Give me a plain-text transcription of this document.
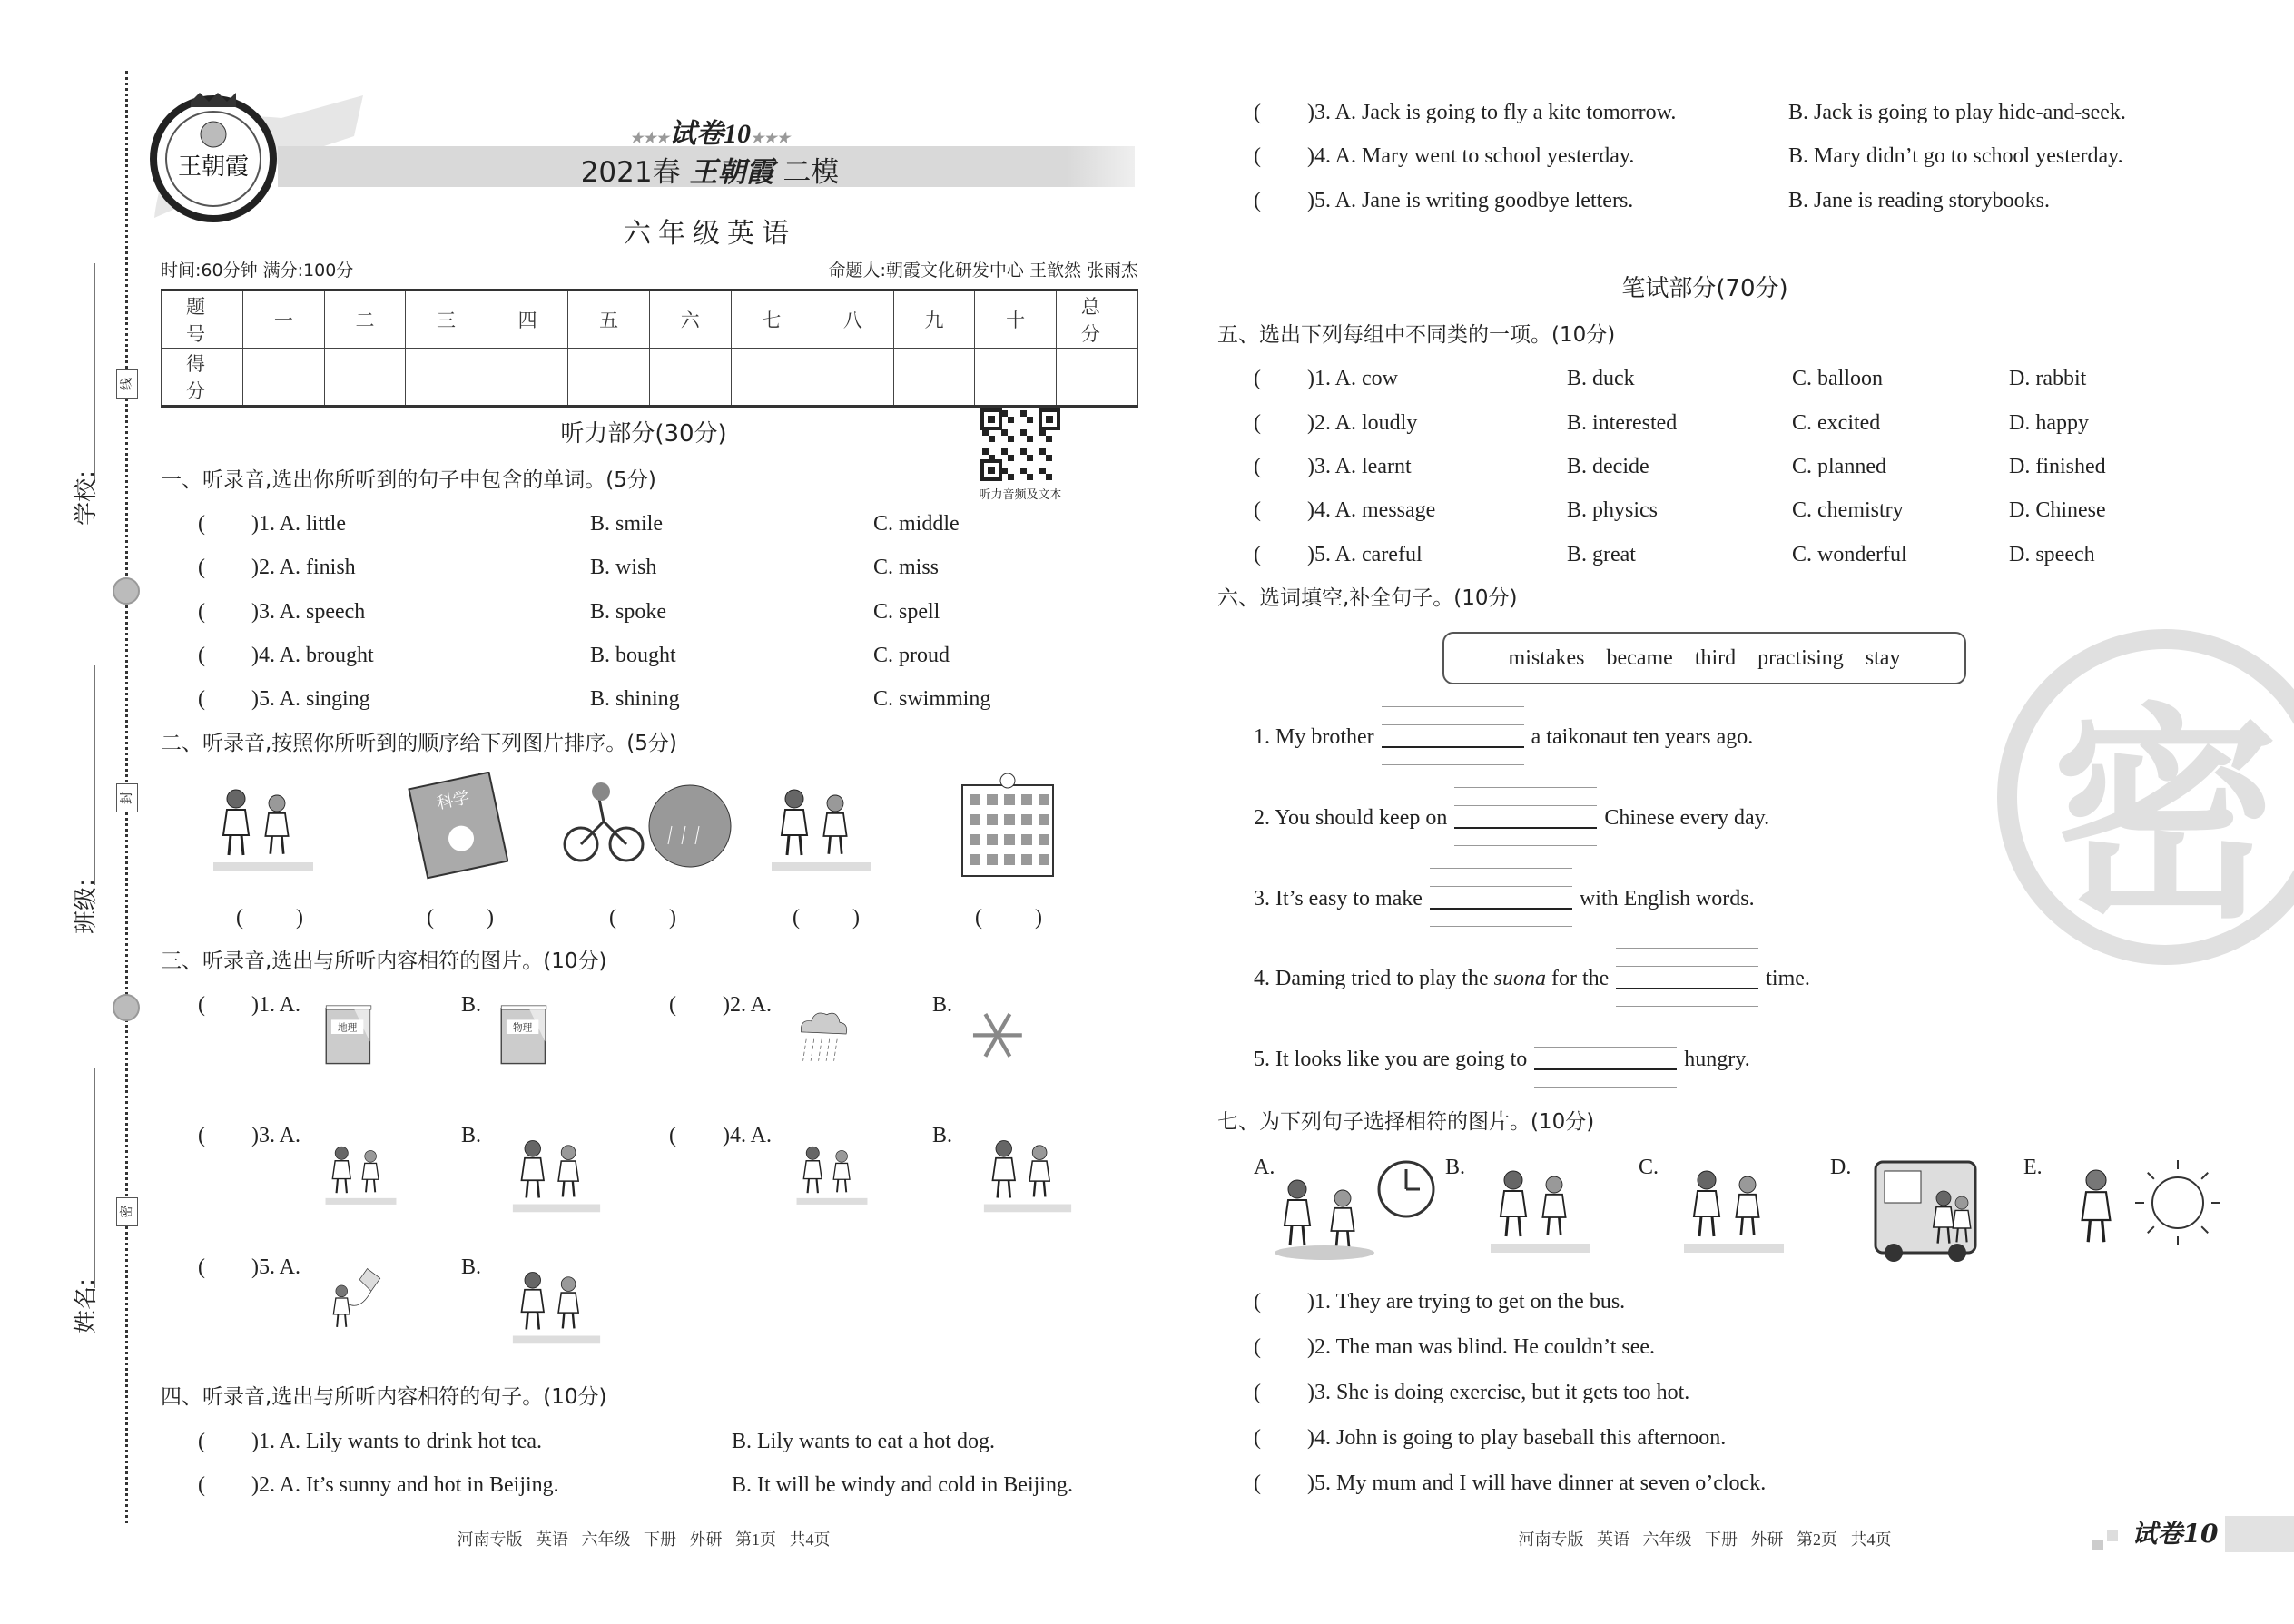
学校:
班级:
姓名:
线
封
密
王朝霞
★★★试卷10★★★
2021春 王朝霞 二模
六年级英语
时间:60分钟 满分:100分	命题人:朝霞文化研发中心 王歆然 张雨杰
题 号	一	二	三	四	五	六	七	八	九	十	总 分
得 分											
听力部分(30分)
听力音频及文本
密
笔试部分(70分)
mistakes became third practising stay
河南专版 英语 六年级 下册 外研 第1页 共4页	河南专版 英语 六年级 下册 外研 第2页 共4页	试卷10
一、听录音,选出你所听到的句子中包含的单词。(5分)
( ) 1. A. little	B. smile	C. middle
( ) 2. A. finish	B. wish	C. miss
( ) 3. A. speech	B. spoke	C. spell
( ) 4. A. brought	B. bought	C. proud
( ) 5. A. singing	B. shining	C. swimming
二、听录音,按照你所听到的顺序给下列图片排序。(5分)
( )
科学
( )	( )	( )	( )
三、听录音,选出与所听内容相符的图片。(10分)
( ) 1. A.
地理
B.
物理
( ) 2. A.	B.
( ) 3. A.	B.	( ) 4. A.	B.
( ) 5. A.	B.
四、听录音,选出与所听内容相符的句子。(10分)
( ) 1. A. Lily wants to drink hot tea.	B. Lily wants to eat a hot dog.
( ) 2. A. It’s sunny and hot in Beijing.	B. It will be windy and cold in Beijing.
( ) 3. A. Jack is going to fly a kite tomorrow.	B. Jack is going to play hide-and-seek.
( ) 4. A. Mary went to school yesterday.	B. Mary didn’t go to school yesterday.
( ) 5. A. Jane is writing goodbye letters.	B. Jane is reading storybooks.
五、选出下列每组中不同类的一项。(10分)
( ) 1. A. cow	B. duck	C. balloon	D. rabbit
( ) 2. A. loudly	B. interested	C. excited	D. happy
( ) 3. A. learnt	B. decide	C. planned	D. finished
( ) 4. A. message	B. physics	C. chemistry	D. Chinese
( ) 5. A. careful	B. great	C. wonderful	D. speech
六、选词填空,补全句子。(10分)
1. My brother	a taikonaut ten years ago.
2. You should keep on	Chinese every day.
3. It’s easy to make	with English words.
4. Daming tried to play the suona for the	time.
5. It looks like you are going to	hungry.
七、为下列句子选择相符的图片。(10分)
A.	B.	C.	D.	E.
( ) 1. They are trying to get on the bus.
( ) 2. The man was blind. He couldn’t see.
( ) 3. She is doing exercise, but it gets too hot.
( ) 4. John is going to play baseball this afternoon.
( ) 5. My mum and I will have dinner at seven o’clock.
